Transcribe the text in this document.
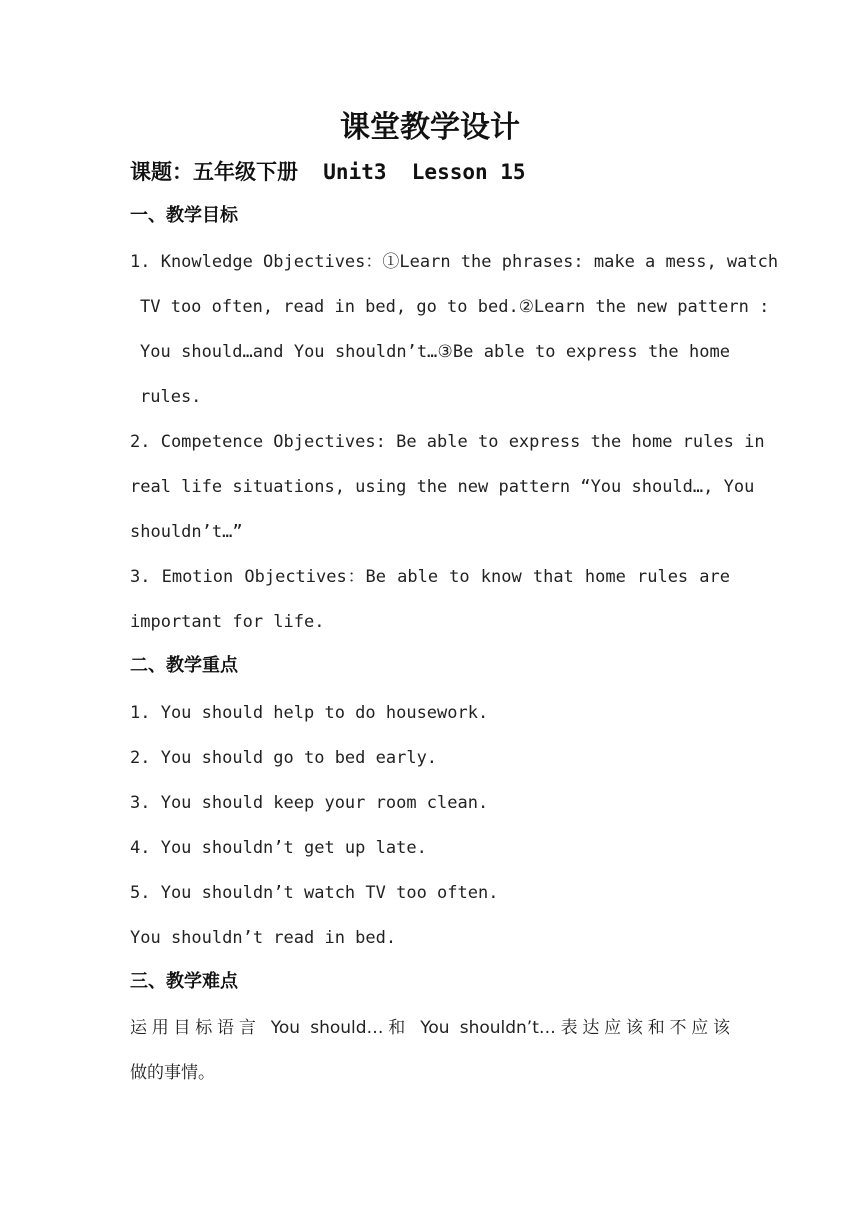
课堂教学设计
课题：五年级下册  Unit3  Lesson 15
一、教学目标
1. Knowledge Objectives：①Learn the phrases: make a mess, watch
TV too often, read in bed, go to bed.②Learn the new pattern :
You should…and You shouldn’t…③Be able to express the home
rules.
2. Competence Objectives: Be able to express the home rules in
real life situations, using the new pattern “You should…, You
shouldn’t…”
3. Emotion Objectives：Be able to know that home rules are
important for life.
二、教学重点
1. You should help to do housework.
2. You should go to bed early.
3. You should keep your room clean.
4. You shouldn’t get up late.
5. You shouldn’t watch TV too often.
You shouldn’t read in bed.
三、教学难点
运用目标语言 You should…和 You shouldn’t…表达应该和不应该
做的事情。
